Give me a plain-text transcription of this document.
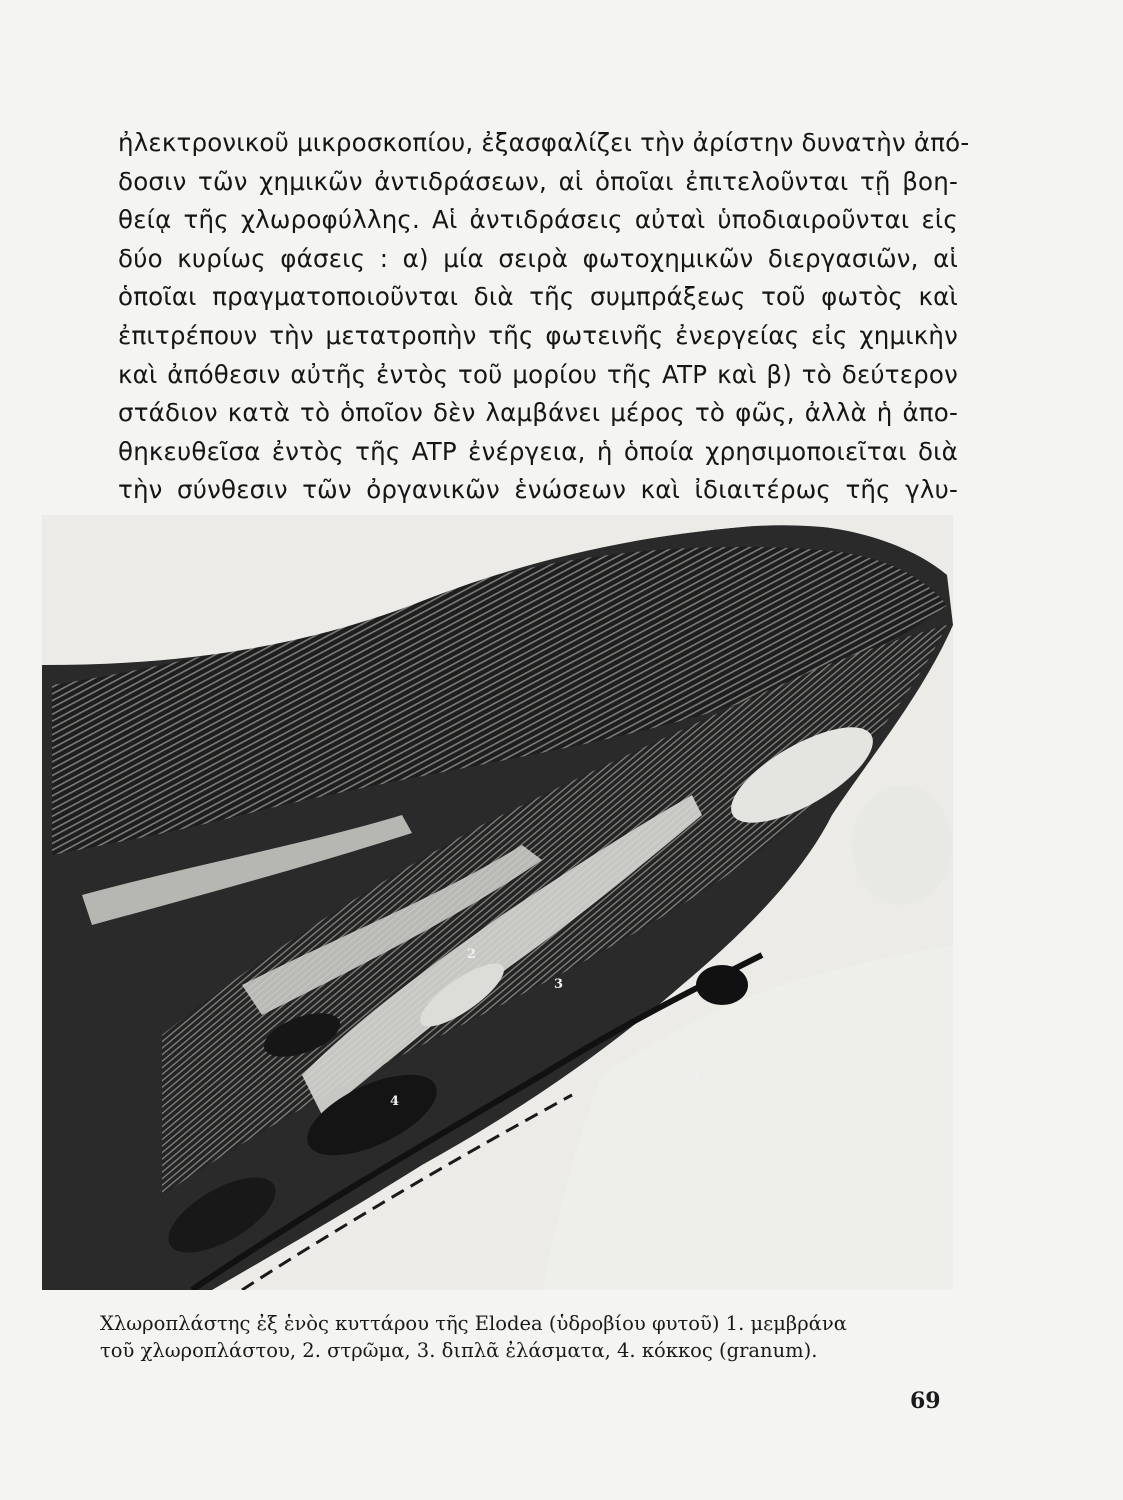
ἠλεκτρονικοῦ μικροσκοπίου, ἐξασφαλίζει τὴν ἀρίστην δυνατὴν ἀπό-
δοσιν τῶν χημικῶν ἀντιδράσεων, αἱ ὁποῖαι ἐπιτελοῦνται τῇ βοη-
θείᾳ τῆς χλωροφύλλης. Αἱ ἀντιδράσεις αὐταὶ ὑποδιαιροῦνται εἰς
δύο κυρίως φάσεις : α) μία σειρὰ φωτοχημικῶν διεργασιῶν, αἱ
ὁποῖαι πραγματοποιοῦνται διὰ τῆς συμπράξεως τοῦ φωτὸς καὶ
ἐπιτρέπουν τὴν μετατροπὴν τῆς φωτεινῆς ἐνεργείας εἰς χημικὴν
καὶ ἀπόθεσιν αὐτῆς ἐντὸς τοῦ μορίου τῆς ATP καὶ β) τὸ δεύτερον
στάδιον κατὰ τὸ ὁποῖον δὲν λαμβάνει μέρος τὸ φῶς, ἀλλὰ ἡ ἀπο-
θηκευθεῖσα ἐντὸς τῆς ATP ἐνέργεια, ἡ ὁποία χρησιμοποιεῖται διὰ
τὴν σύνθεσιν τῶν ὀργανικῶν ἑνώσεων καὶ ἰδιαιτέρως τῆς γλυ-
2
3
1
4
Χλωροπλάστης ἐξ ἑνὸς κυττάρου τῆς Elodea (ὑδροβίου φυτοῦ) 1. μεμβράνα
τοῦ χλωροπλάστου, 2. στρῶμα, 3. διπλᾶ ἐλάσματα, 4. κόκκος (granum).
69
